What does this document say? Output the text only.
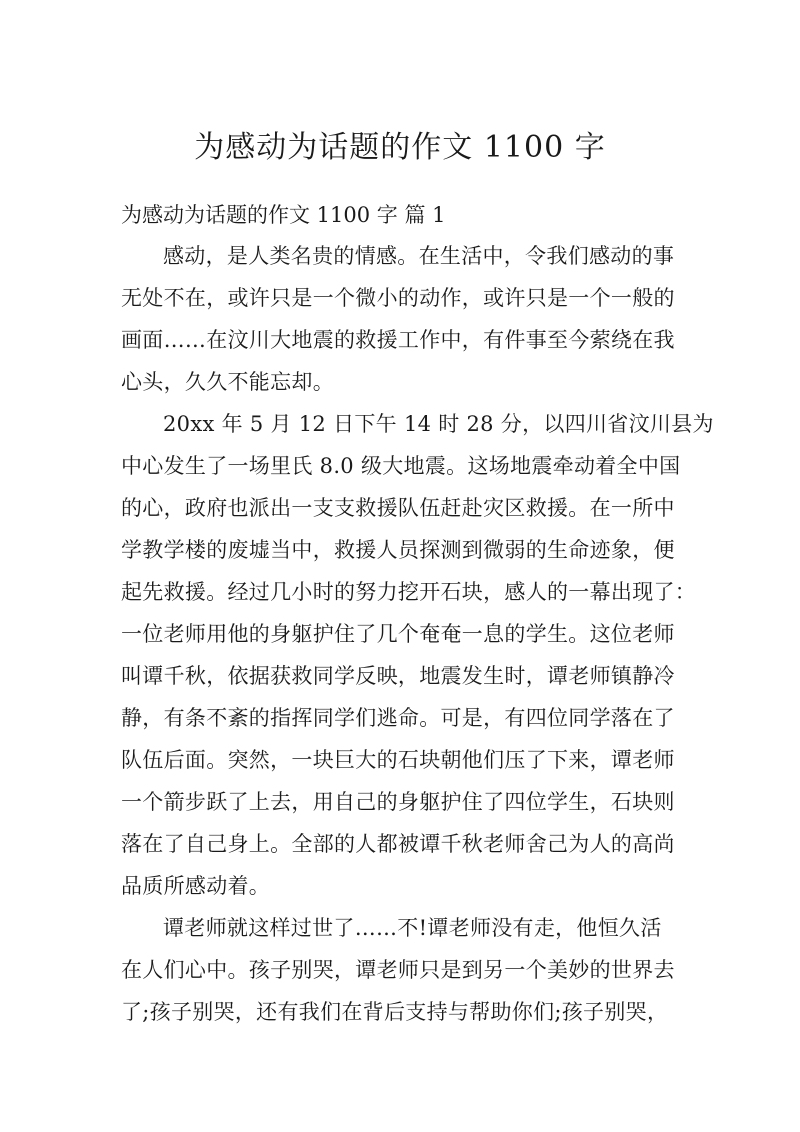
为感动为话题的作文 1100 字
为感动为话题的作文 1100 字 篇 1
感动，是人类名贵的情感。在生活中，令我们感动的事
无处不在，或许只是一个微小的动作，或许只是一个一般的
画面……在汶川大地震的救援工作中，有件事至今萦绕在我
心头，久久不能忘却。
20xx 年 5 月 12 日下午 14 时 28 分，以四川省汶川县为
中心发生了一场里氏 8.0 级大地震。这场地震牵动着全中国
的心，政府也派出一支支救援队伍赶赴灾区救援。在一所中
学教学楼的废墟当中，救援人员探测到微弱的生命迹象，便
起先救援。经过几小时的努力挖开石块，感人的一幕出现了：
一位老师用他的身躯护住了几个奄奄一息的学生。这位老师
叫谭千秋，依据获救同学反映，地震发生时，谭老师镇静冷
静，有条不紊的指挥同学们逃命。可是，有四位同学落在了
队伍后面。突然，一块巨大的石块朝他们压了下来，谭老师
一个箭步跃了上去，用自己的身躯护住了四位学生，石块则
落在了自己身上。全部的人都被谭千秋老师舍己为人的高尚
品质所感动着。
谭老师就这样过世了……不!谭老师没有走，他恒久活
在人们心中。孩子别哭，谭老师只是到另一个美妙的世界去
了;孩子别哭，还有我们在背后支持与帮助你们;孩子别哭，
